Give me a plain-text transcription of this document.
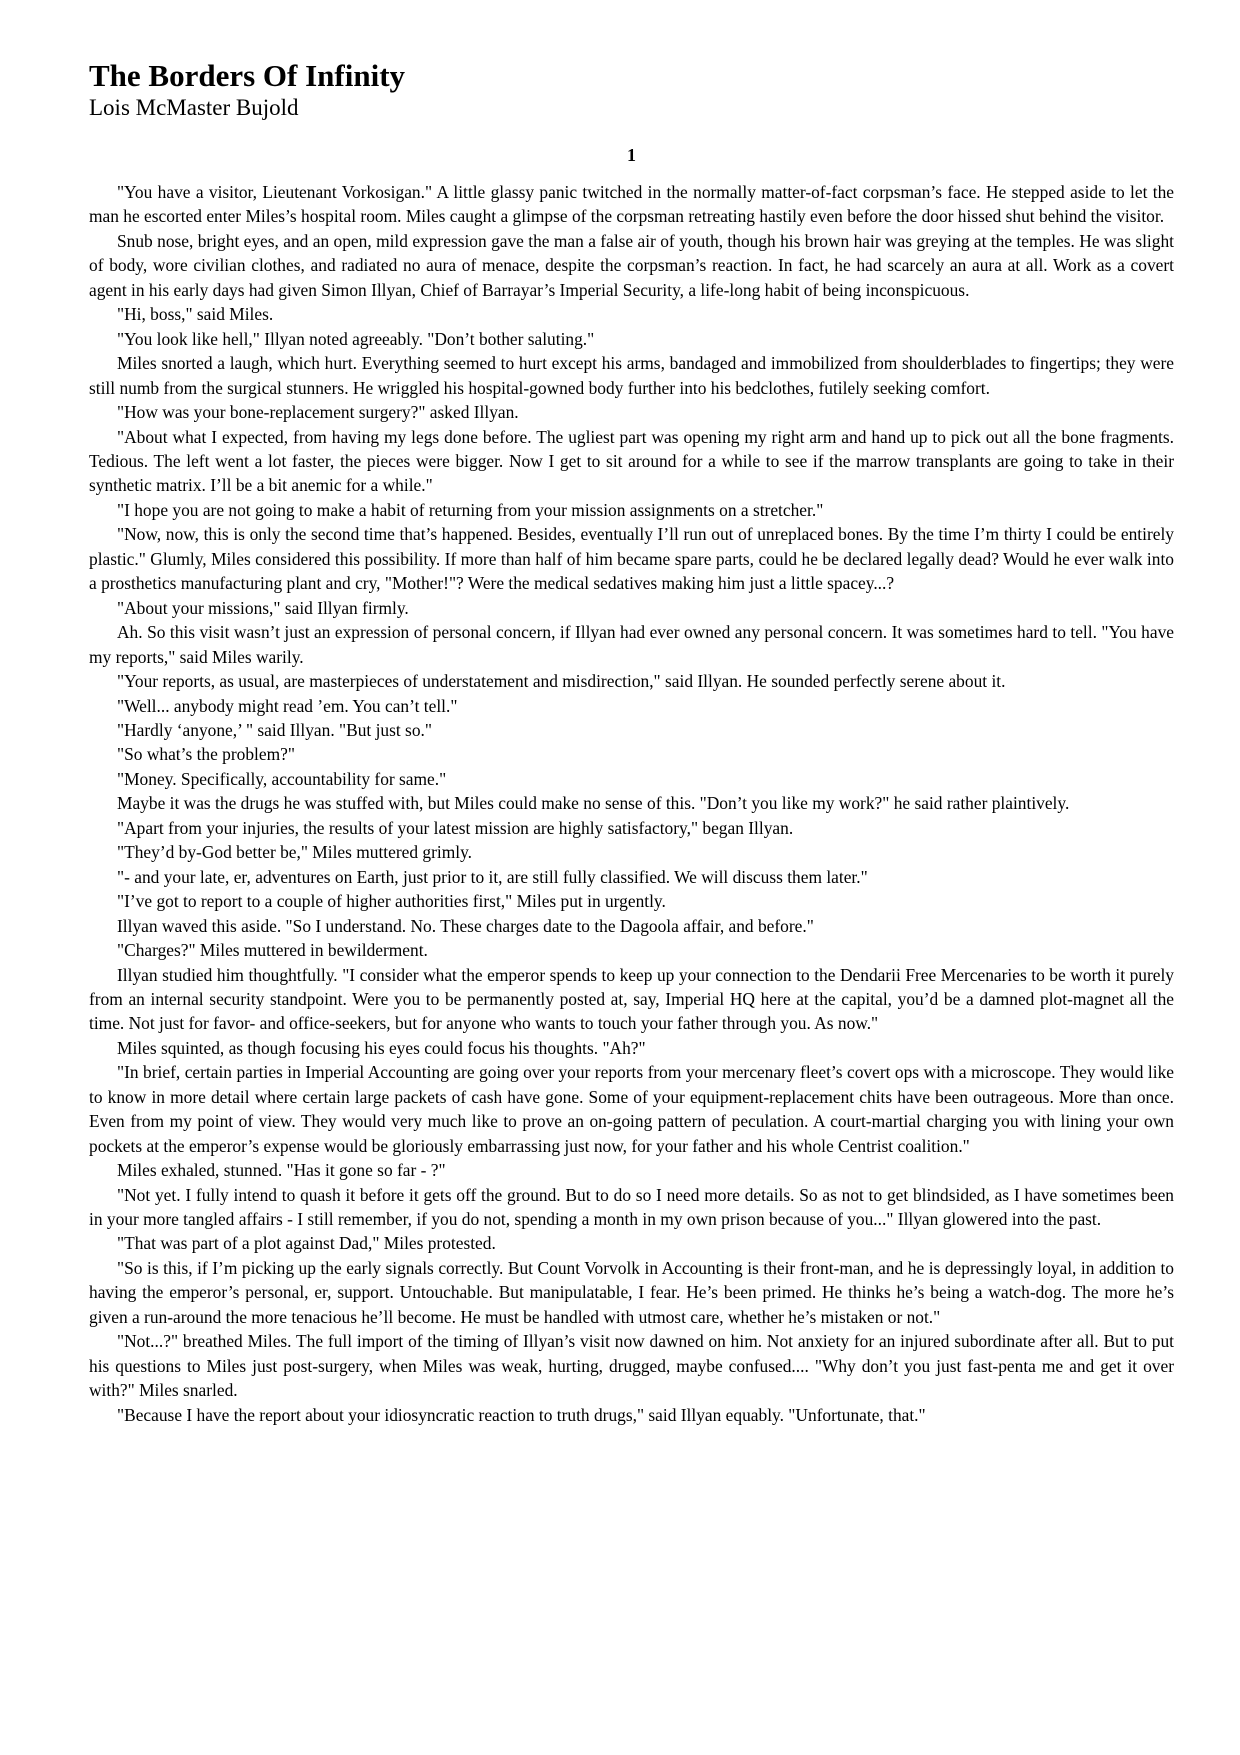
The Borders Of Infinity
Lois McMaster Bujold
1

"You have a visitor, Lieutenant Vorkosigan." A little glassy panic twitched in the normally matter-of-fact corpsman’s face. He stepped aside to let the man he escorted enter Miles’s hospital room. Miles caught a glimpse of the corpsman retreating hastily even before the door hissed shut behind the visitor.

Snub nose, bright eyes, and an open, mild expression gave the man a false air of youth, though his brown hair was greying at the temples. He was slight of body, wore civilian clothes, and radiated no aura of menace, despite the corpsman’s reaction. In fact, he had scarcely an aura at all. Work as a covert agent in his early days had given Simon Illyan, Chief of Barrayar’s Imperial Security, a life-long habit of being inconspicuous.

"Hi, boss," said Miles.

"You look like hell," Illyan noted agreeably. "Don’t bother saluting."

Miles snorted a laugh, which hurt. Everything seemed to hurt except his arms, bandaged and immobilized from shoulderblades to fingertips; they were still numb from the surgical stunners. He wriggled his hospital-gowned body further into his bedclothes, futilely seeking comfort.

"How was your bone-replacement surgery?" asked Illyan.

"About what I expected, from having my legs done before. The ugliest part was opening my right arm and hand up to pick out all the bone fragments. Tedious. The left went a lot faster, the pieces were bigger. Now I get to sit around for a while to see if the marrow transplants are going to take in their synthetic matrix. I’ll be a bit anemic for a while."

"I hope you are not going to make a habit of returning from your mission assignments on a stretcher."

"Now, now, this is only the second time that’s happened. Besides, eventually I’ll run out of unreplaced bones. By the time I’m thirty I could be entirely plastic." Glumly, Miles considered this possibility. If more than half of him became spare parts, could he be declared legally dead? Would he ever walk into a prosthetics manufacturing plant and cry, "Mother!"? Were the medical sedatives making him just a little spacey...?

"About your missions," said Illyan firmly.

Ah. So this visit wasn’t just an expression of personal concern, if Illyan had ever owned any personal concern. It was sometimes hard to tell. "You have my reports," said Miles warily.

"Your reports, as usual, are masterpieces of understatement and misdirection," said Illyan. He sounded perfectly serene about it.

"Well... anybody might read ’em. You can’t tell."

"Hardly ‘anyone,’ " said Illyan. "But just so."

"So what’s the problem?"

"Money. Specifically, accountability for same."

Maybe it was the drugs he was stuffed with, but Miles could make no sense of this. "Don’t you like my work?" he said rather plaintively.

"Apart from your injuries, the results of your latest mission are highly satisfactory," began Illyan.

"They’d by-God better be," Miles muttered grimly.

"- and your late, er, adventures on Earth, just prior to it, are still fully classified. We will discuss them later."

"I’ve got to report to a couple of higher authorities first," Miles put in urgently.

Illyan waved this aside. "So I understand. No. These charges date to the Dagoola affair, and before."

"Charges?" Miles muttered in bewilderment.

Illyan studied him thoughtfully. "I consider what the emperor spends to keep up your connection to the Dendarii Free Mercenaries to be worth it purely from an internal security standpoint. Were you to be permanently posted at, say, Imperial HQ here at the capital, you’d be a damned plot-magnet all the time. Not just for favor- and office-seekers, but for anyone who wants to touch your father through you. As now."

Miles squinted, as though focusing his eyes could focus his thoughts. "Ah?"

"In brief, certain parties in Imperial Accounting are going over your reports from your mercenary fleet’s covert ops with a microscope. They would like to know in more detail where certain large packets of cash have gone. Some of your equipment-replacement chits have been outrageous. More than once. Even from my point of view. They would very much like to prove an on-going pattern of peculation. A court-martial charging you with lining your own pockets at the emperor’s expense would be gloriously embarrassing just now, for your father and his whole Centrist coalition."

Miles exhaled, stunned. "Has it gone so far - ?"

"Not yet. I fully intend to quash it before it gets off the ground. But to do so I need more details. So as not to get blindsided, as I have sometimes been in your more tangled affairs - I still remember, if you do not, spending a month in my own prison because of you..." Illyan glowered into the past.

"That was part of a plot against Dad," Miles protested.

"So is this, if I’m picking up the early signals correctly. But Count Vorvolk in Accounting is their front-man, and he is depressingly loyal, in addition to having the emperor’s personal, er, support. Untouchable. But manipulatable, I fear. He’s been primed. He thinks he’s being a watch-dog. The more he’s given a run-around the more tenacious he’ll become. He must be handled with utmost care, whether he’s mistaken or not."

"Not...?" breathed Miles. The full import of the timing of Illyan’s visit now dawned on him. Not anxiety for an injured subordinate after all. But to put his questions to Miles just post-surgery, when Miles was weak, hurting, drugged, maybe confused.... "Why don’t you just fast-penta me and get it over with?" Miles snarled.

"Because I have the report about your idiosyncratic reaction to truth drugs," said Illyan equably. "Unfortunate, that."
